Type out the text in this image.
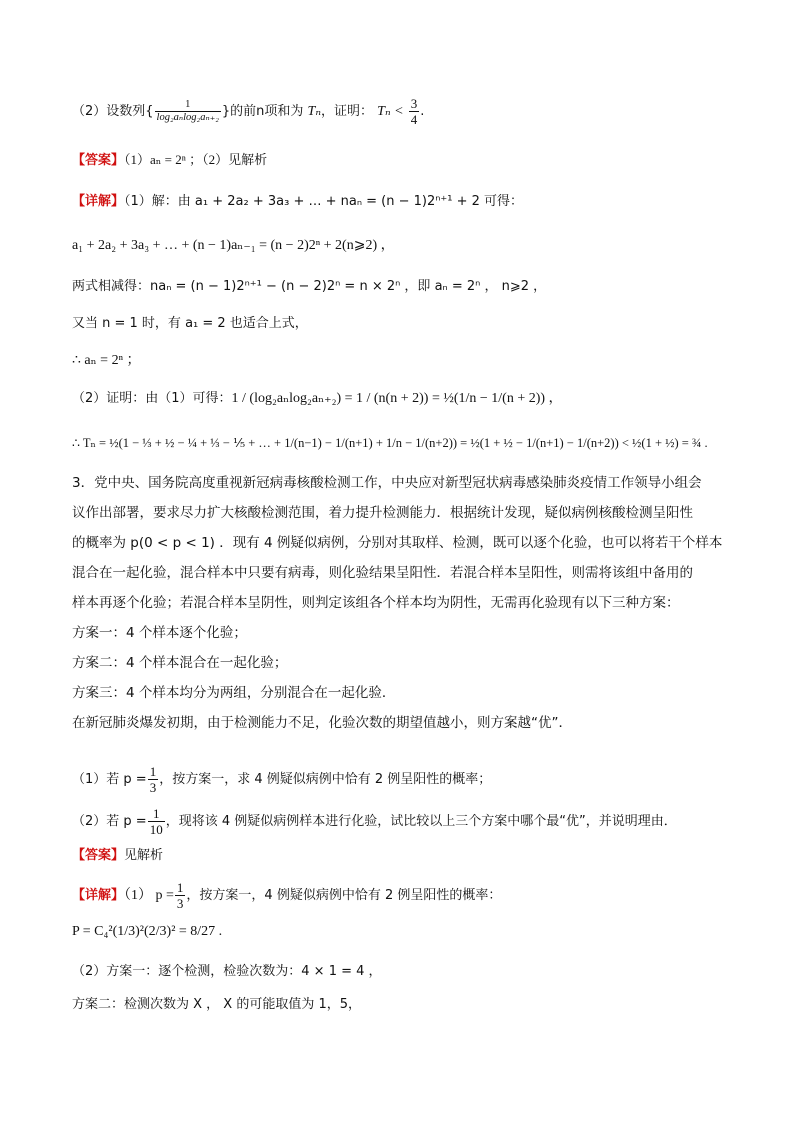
（2）设数列{ $\frac{1}{\text{log₂aₙlog₂aₙ₊₂}}$ }的前n项和为 Tₙ，证明： $T_n < \frac{3}{4}$ .
【答案】（1）aₙ = 2ⁿ ；（2）见解析
【详解】（1）解：由 a₁ + 2a₂ + 3a₃ + … + naₙ = (n − 1)2ⁿ⁺¹ + 2 可得：
a₁ + 2a₂ + 3a₃ + … + (n − 1)aₙ₋₁ = (n − 2)2ⁿ + 2(n⩾2) ，
两式相减得：naₙ = (n − 1)2ⁿ⁺¹ − (n − 2)2ⁿ = n × 2ⁿ ，即 aₙ = 2ⁿ ， n⩾2 ，
又当 n = 1 时，有 a₁ = 2 也适合上式，
∴ aₙ = 2ⁿ ；
（2）证明：由（1）可得：1 / (log₂aₙlog₂aₙ₊₂) = 1 / (n(n + 2)) = ½(1/n − 1/(n + 2)) ，
∴ Tₙ = ½(1 − ⅓ + ½ − ¼ + ⅓ − ⅕ + … + 1/(n−1) − 1/(n+1) + 1/n − 1/(n+2)) = ½(1 + ½ − 1/(n+1) − 1/(n+2)) < ½(1 + ½) = ¾ .
3．党中央、国务院高度重视新冠病毒核酸检测工作，中央应对新型冠状病毒感染肺炎疫情工作领导小组会
议作出部署，要求尽力扩大核酸检测范围，着力提升检测能力．根据统计发现，疑似病例核酸检测呈阳性
的概率为 p(0 < p < 1) ．现有 4 例疑似病例，分别对其取样、检测，既可以逐个化验，也可以将若干个样本
混合在一起化验，混合样本中只要有病毒，则化验结果呈阳性．若混合样本呈阳性，则需将该组中备用的
样本再逐个化验；若混合样本呈阴性，则判定该组各个样本均为阴性，无需再化验现有以下三种方案：
方案一：4 个样本逐个化验；
方案二：4 个样本混合在一起化验；
方案三：4 个样本均分为两组，分别混合在一起化验．
在新冠肺炎爆发初期，由于检测能力不足，化验次数的期望值越小，则方案越“优”．
（1）若 $p = \frac{1}{3}$ ，按方案一，求 4 例疑似病例中恰有 2 例呈阳性的概率；
（2）若 $p = \frac{1}{10}$ ，现将该 4 例疑似病例样本进行化验，试比较以上三个方案中哪个最“优”，并说明理由．
【答案】见解析
【详解】（1） $p = \frac{1}{3}$ ，按方案一，4 例疑似病例中恰有 2 例呈阳性的概率：
P = C₄²(1/3)²(2/3)² = 8/27 .
（2）方案一：逐个检测，检验次数为：4 × 1 = 4 ，
方案二：检测次数为 X ， X 的可能取值为 1，5，
